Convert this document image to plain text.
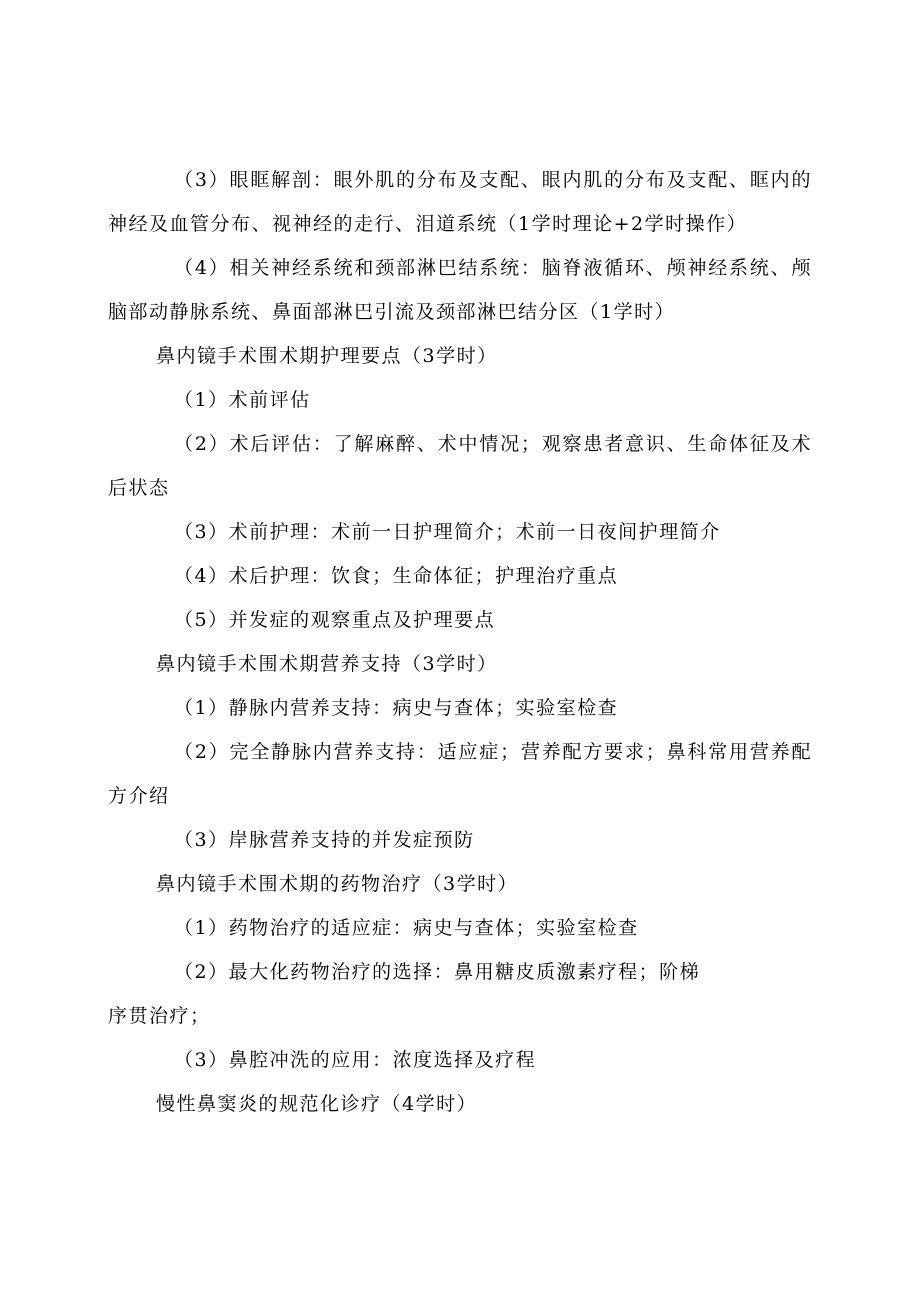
（3）眼眶解剖：眼外肌的分布及支配、眼内肌的分布及支配、眶内的神经及血管分布、视神经的走行、泪道系统（1学时理论+2学时操作）

（4）相关神经系统和颈部淋巴结系统：脑脊液循环、颅神经系统、颅脑部动静脉系统、鼻面部淋巴引流及颈部淋巴结分区（1学时）

鼻内镜手术围术期护理要点（3学时）

（1）术前评估

（2）术后评估：了解麻醉、术中情况；观察患者意识、生命体征及术后状态

（3）术前护理：术前一日护理简介；术前一日夜间护理简介

（4）术后护理：饮食；生命体征；护理治疗重点

（5）并发症的观察重点及护理要点

鼻内镜手术围术期营养支持（3学时）

（1）静脉内营养支持：病史与查体；实验室检查

（2）完全静脉内营养支持：适应症；营养配方要求；鼻科常用营养配方介绍

（3）岸脉营养支持的并发症预防

鼻内镜手术围术期的药物治疗（3学时）

（1）药物治疗的适应症：病史与查体；实验室检查

（2）最大化药物治疗的选择：鼻用糖皮质激素疗程；阶梯
序贯治疗；

（3）鼻腔冲洗的应用：浓度选择及疗程

慢性鼻窦炎的规范化诊疗（4学时）
